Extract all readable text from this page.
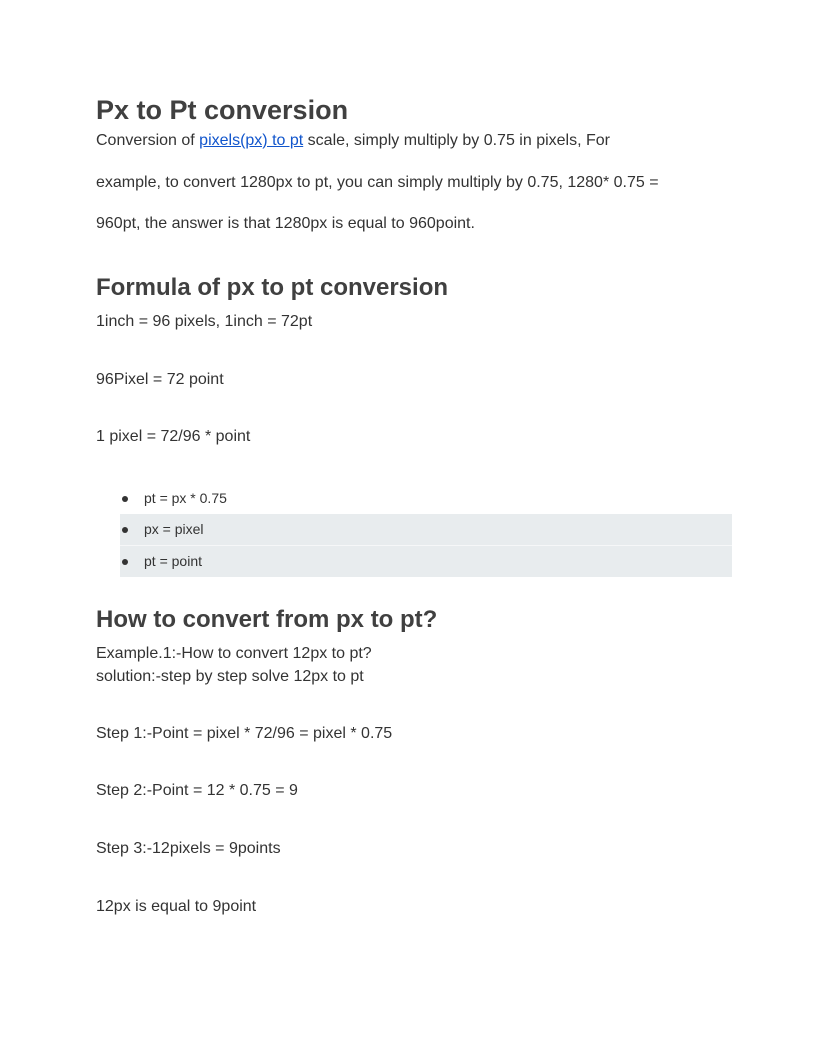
Px to Pt conversion

Conversion of pixels(px) to pt scale, simply multiply by 0.75 in pixels, For

example, to convert 1280px to pt, you can simply multiply by 0.75, 1280* 0.75 =

960pt, the answer is that 1280px is equal to 960point.

Formula of px to pt conversion

1inch = 96 pixels, 1inch = 72pt

96Pixel = 72 point

1 pixel = 72/96 * point

pt = px * 0.75
px = pixel
pt = point
How to convert from px to pt?

Example.1:-How to convert 12px to pt?

solution:-step by step solve 12px to pt

Step 1:-Point = pixel * 72/96 = pixel * 0.75

Step 2:-Point = 12 * 0.75 = 9

Step 3:-12pixels = 9points

12px is equal to 9point
